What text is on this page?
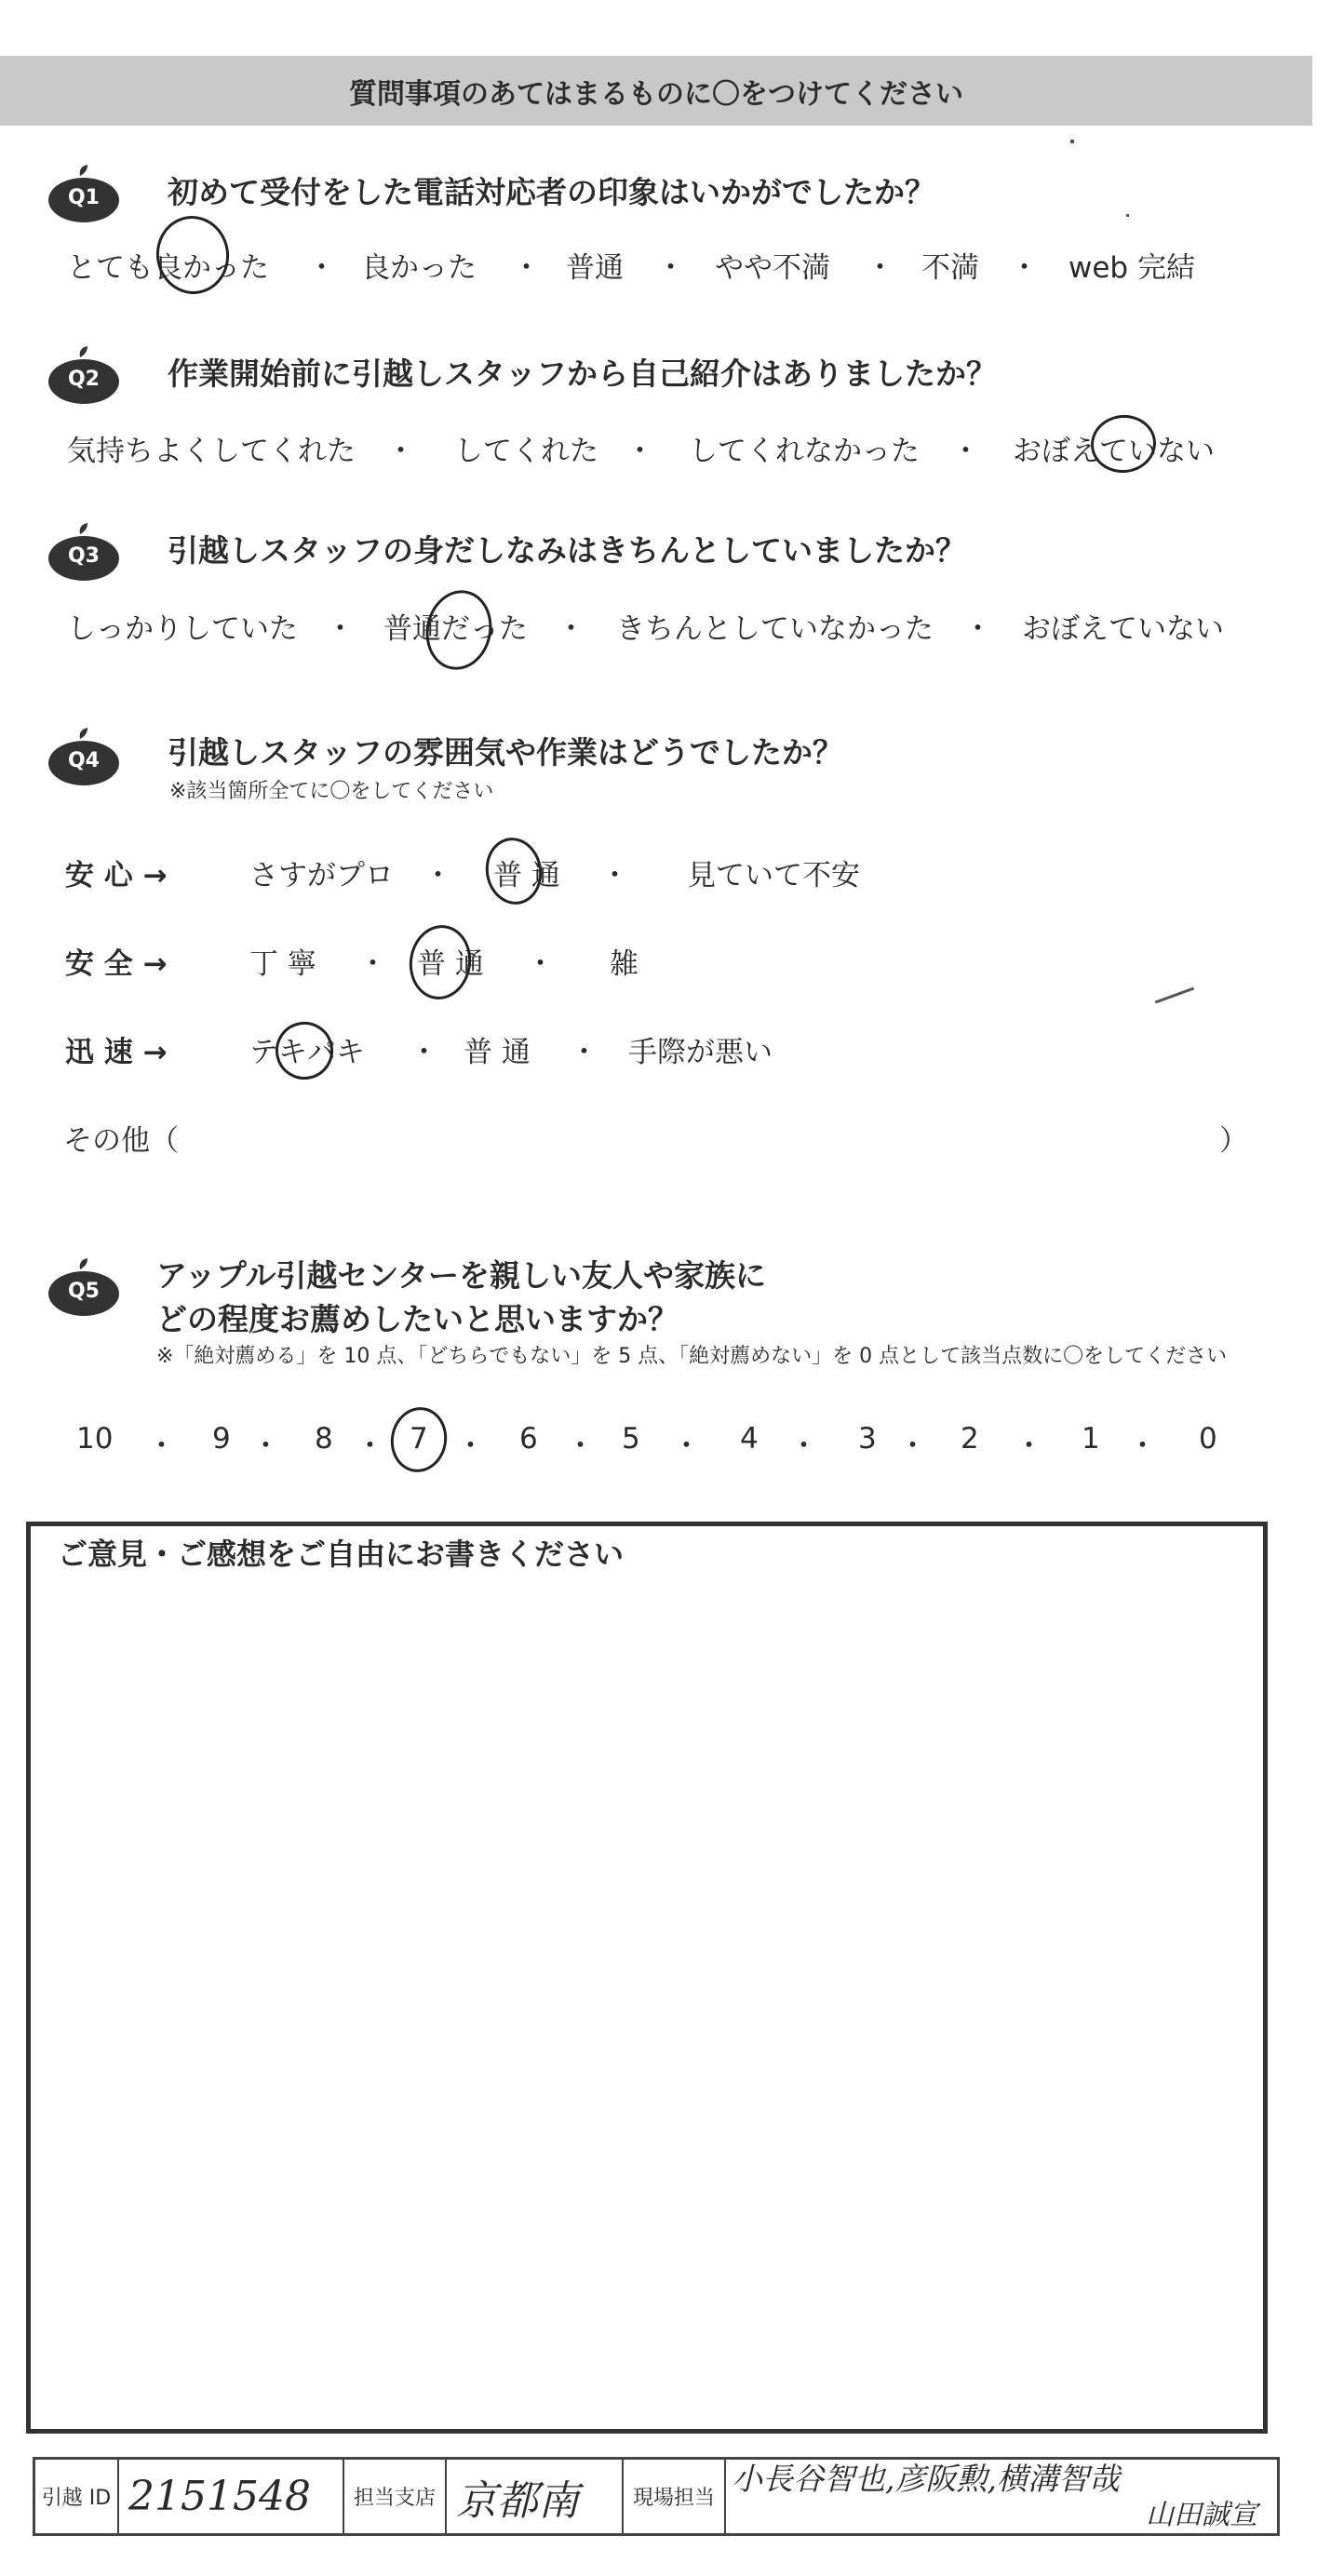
質問事項のあてはまるものに〇をつけてください
Q1 初めて受付をした電話対応者の印象はいかがでしたか？
とても良かった ・ 良かった ・ 普通 ・ やや不満 ・ 不満 ・ web 完結
Q2 作業開始前に引越しスタッフから自己紹介はありましたか？
気持ちよくしてくれた ・ してくれた ・ してくれなかった ・ おぼえていない
Q3 引越しスタッフの身だしなみはきちんとしていましたか？
しっかりしていた ・ 普通だった ・ きちんとしていなかった ・ おぼえていない
Q4 引越しスタッフの雰囲気や作業はどうでしたか？
※該当箇所全てに〇をしてください
安 心 →	さすがプロ ・ 普 通 ・ 見ていて不安
安 全 →	丁 寧 ・ 普 通 ・ 雑
迅 速 →	テキパキ ・ 普 通 ・ 手際が悪い
その他（	）
Q5 アップル引越センターを親しい友人や家族に
どの程度お薦めしたいと思いますか？
※「絶対薦める」を 10 点、「どちらでもない」を 5 点、「絶対薦めない」を 0 点として該当点数に〇をしてください
10	9	8	7	6	5	4	3	2	1	0
・	・	・ ・	・	・	・	・	・	・
ご意見・ご感想をご自由にお書きください
引越 ID 2151548	担当支店 京都南	現場担当
小長谷智也,彦阪勲,横溝智哉
山田誠宣
